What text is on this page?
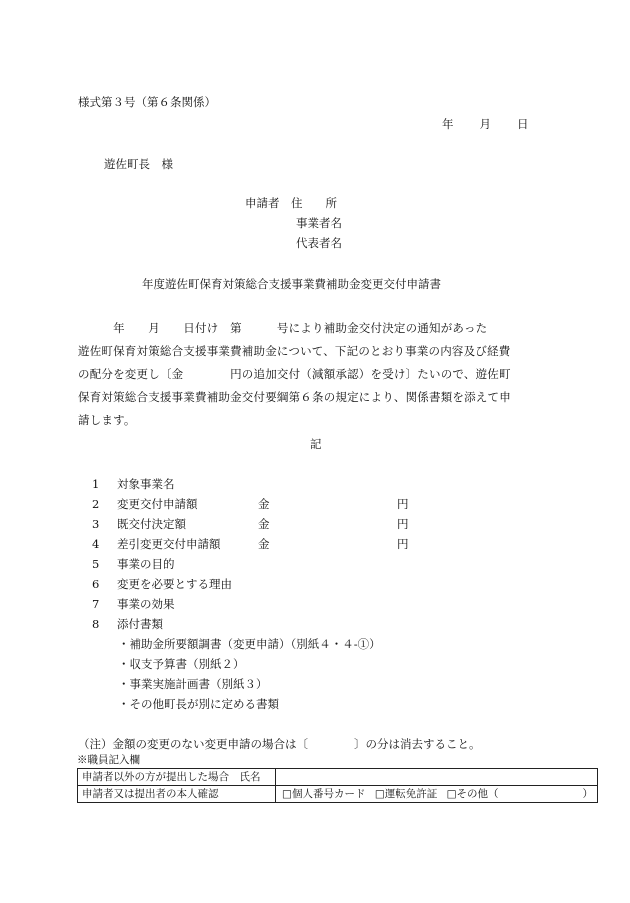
様式第３号（第６条関係）
年　　月　　日
遊佐町長　様
申請者　住　　所
事業者名
代表者名
年度遊佐町保育対策総合支援事業費補助金変更交付申請書
　　　年　　月　　日付け　第　　　号により補助金交付決定の通知があった
遊佐町保育対策総合支援事業費補助金について、下記のとおり事業の内容及び経費
の配分を変更し〔金　　　　円の追加交付（減額承認）を受け〕たいので、遊佐町
保育対策総合支援事業費補助金交付要綱第６条の規定により、関係書類を添えて申
請します。
記
1 対象事業名
2 変更交付申請額	金	円
3 既交付決定額	金	円
4 差引変更交付申請額	金	円
5 事業の目的
6 変更を必要とする理由
7 事業の効果
8 添付書類
・補助金所要額調書（変更申請）（別紙４・４-①）
・収支予算書（別紙２）
・事業実施計画書（別紙３）
・その他町長が別に定める書類
（注）金額の変更のない変更申請の場合は〔　　　　〕の分は消去すること。
※職員記入欄
申請者以外の方が提出した場合　氏名	
申請者又は提出者の本人確認	□個人番号カード □運転免許証 □その他（　　　　　　　　）
